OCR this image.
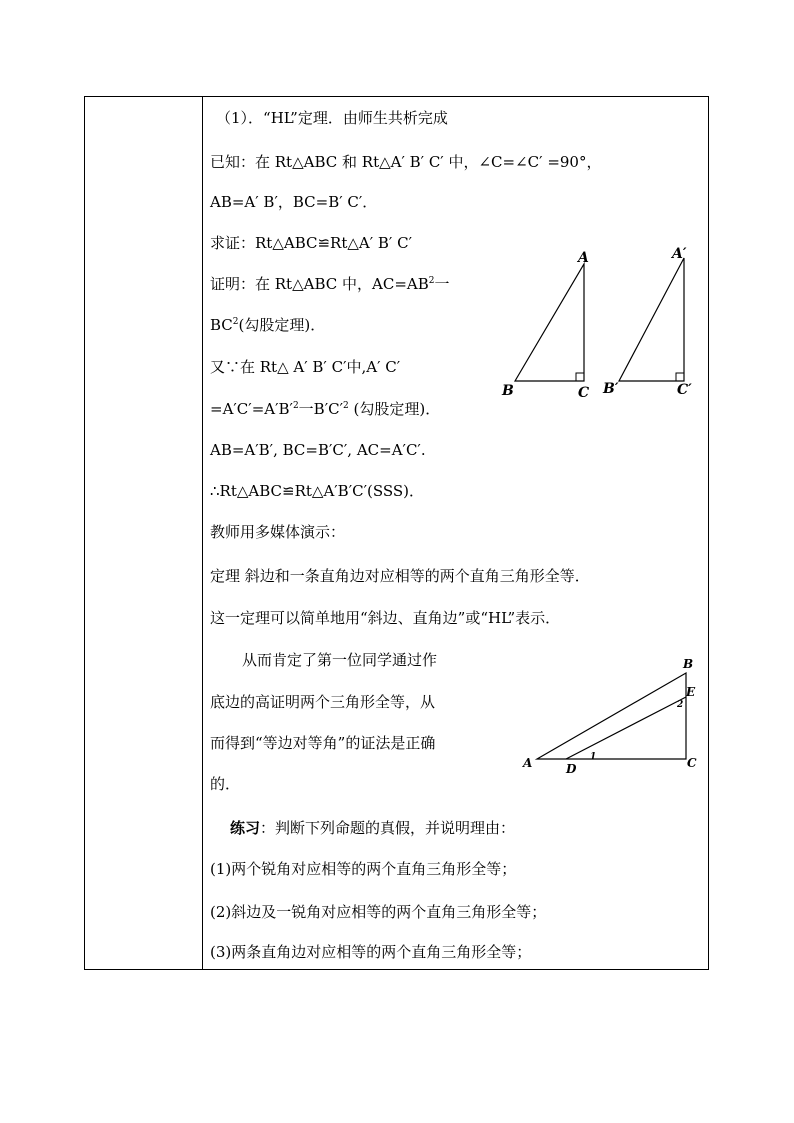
（1）．“HL”定理．由师生共析完成
已知：在 Rt△ABC 和 Rt△A′ B′ C′ 中，∠C=∠C′ =90°，
AB=A′ B′，BC=B′ C′．
求证：Rt△ABC≌Rt△A′ B′ C′
证明：在 Rt△ABC 中，$AC=AB^2$一
$BC^2$(勾股定理)．
又∵在 Rt△ A′ B′ C′中,A′ C′
$=A'C'=A'B'^2$一$B'C'^2$ (勾股定理)．
AB=A′B′, BC=B′C′, AC=A′C′.
∴Rt△ABC≌Rt△A′B′C′(SSS)．
教师用多媒体演示：
定理 斜边和一条直角边对应相等的两个直角三角形全等．
这一定理可以简单地用“斜边、直角边”或“HL”表示．
从而肯定了第一位同学通过作
底边的高证明两个三角形全等，从
而得到“等边对等角”的证法是正确
的．
练习：判断下列命题的真假，并说明理由：
(1)两个锐角对应相等的两个直角三角形全等；
(2)斜边及一锐角对应相等的两个直角三角形全等；
(3)两条直角边对应相等的两个直角三角形全等；
A
B	C
A′
B′	C′
A
B
C
D
E
1
2
